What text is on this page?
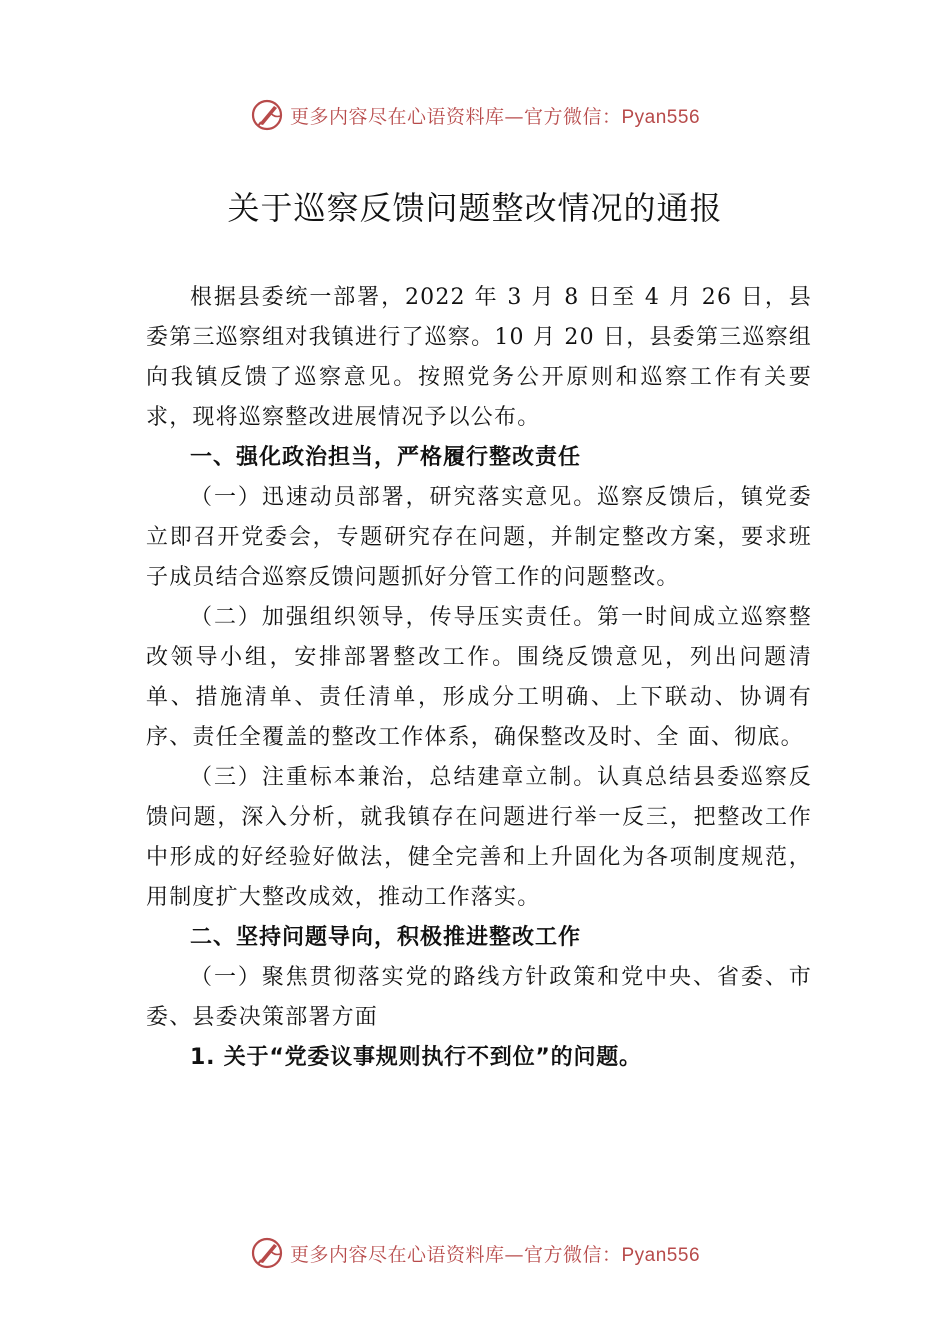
更多内容尽在心语资料库—官方微信：Pyan556
关于巡察反馈问题整改情况的通报

根据县委统一部署，2022 年 3 月 8 日至 4 月 26 日，县委第三巡察组对我镇进行了巡察。10 月 20 日，县委第三巡察组向我镇反馈了巡察意见。按照党务公开原则和巡察工作有关要求，现将巡察整改进展情况予以公布。

一、强化政治担当，严格履行整改责任

（一）迅速动员部署，研究落实意见。巡察反馈后，镇党委立即召开党委会，专题研究存在问题，并制定整改方案，要求班子成员结合巡察反馈问题抓好分管工作的问题整改。

（二）加强组织领导，传导压实责任。第一时间成立巡察整改领导小组，安排部署整改工作。围绕反馈意见，列出问题清单、措施清单、责任清单，形成分工明确、上下联动、协调有序、责任全覆盖的整改工作体系，确保整改及时、全 面、彻底。

（三）注重标本兼治，总结建章立制。认真总结县委巡察反馈问题，深入分析，就我镇存在问题进行举一反三，把整改工作中形成的好经验好做法，健全完善和上升固化为各项制度规范，用制度扩大整改成效，推动工作落实。

二、坚持问题导向，积极推进整改工作

（一）聚焦贯彻落实党的路线方针政策和党中央、省委、市委、县委决策部署方面

1. 关于“党委议事规则执行不到位”的问题。

更多内容尽在心语资料库—官方微信：Pyan556
